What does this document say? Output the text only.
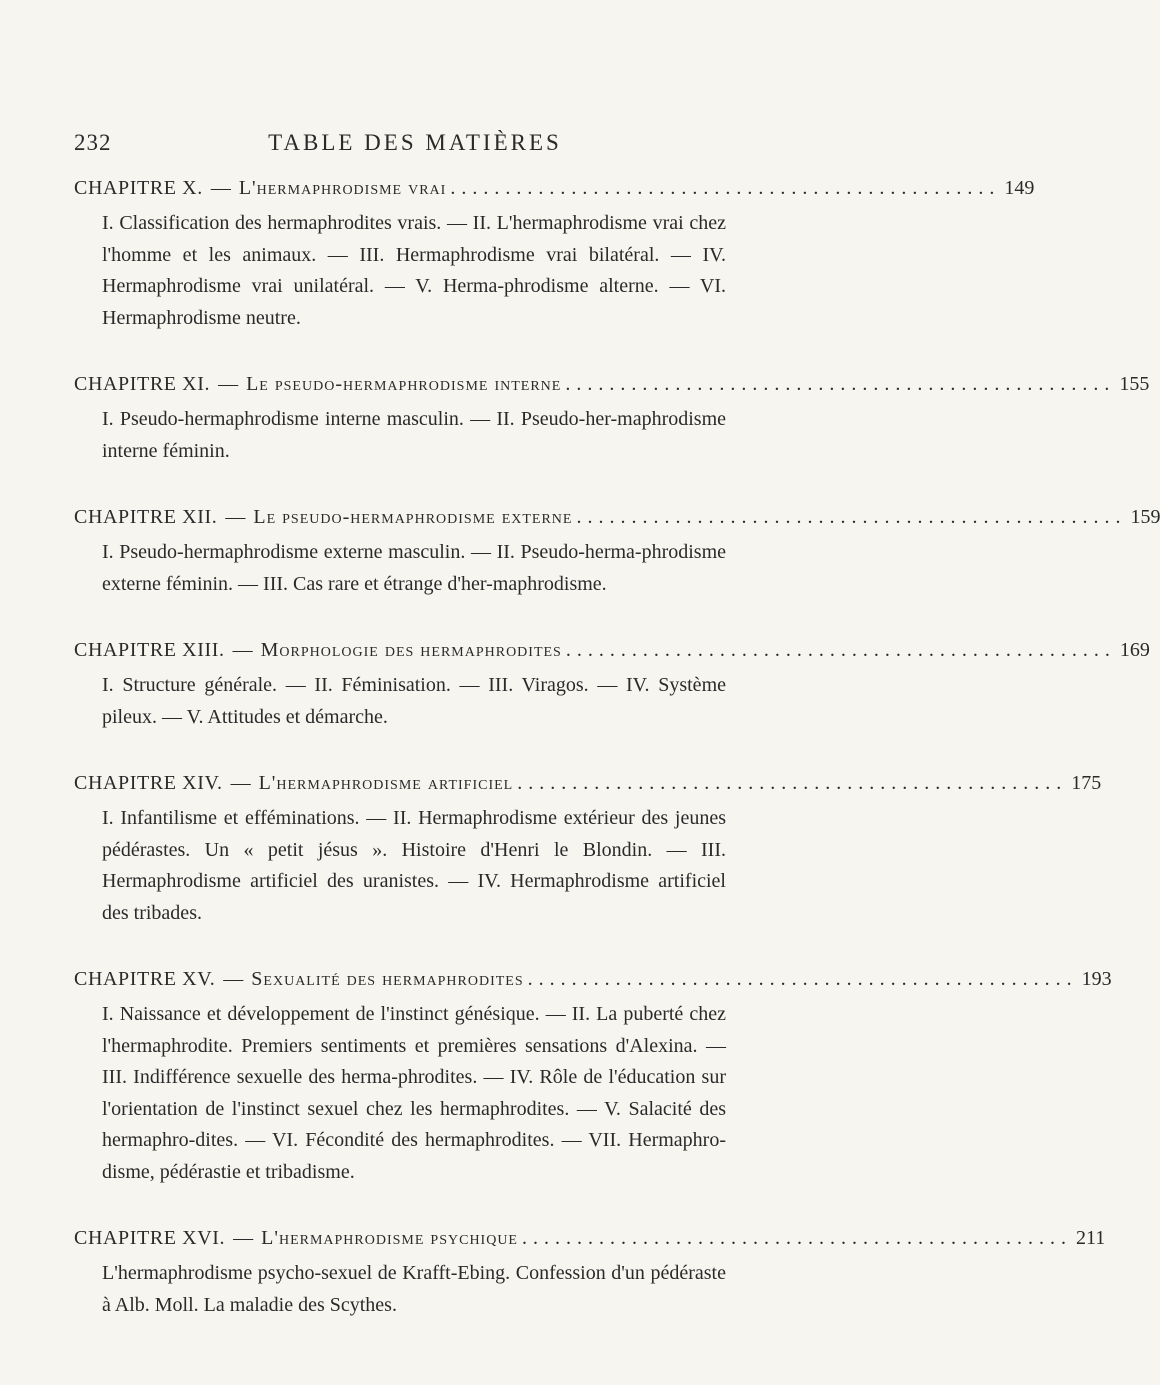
232	TABLE DES MATIÈRES
CHAPITRE X. — L'hermaphrodisme vrai .................................................. 149

I. Classification des hermaphrodites vrais. — II. L'hermaphrodisme vrai chez l'homme et les animaux. — III. Hermaphrodisme vrai bilatéral. — IV. Hermaphrodisme vrai unilatéral. — V. Herma-phrodisme alterne. — VI. Hermaphrodisme neutre.

CHAPITRE XI. — Le pseudo-hermaphrodisme interne .................................................. 155

I. Pseudo-hermaphrodisme interne masculin. — II. Pseudo-her-maphrodisme interne féminin.

CHAPITRE XII. — Le pseudo-hermaphrodisme externe .................................................. 159

I. Pseudo-hermaphrodisme externe masculin. — II. Pseudo-herma-phrodisme externe féminin. — III. Cas rare et étrange d'her-maphrodisme.

CHAPITRE XIII. — Morphologie des hermaphrodites .................................................. 169

I. Structure générale. — II. Féminisation. — III. Viragos. — IV. Système pileux. — V. Attitudes et démarche.

CHAPITRE XIV. — L'hermaphrodisme artificiel .................................................. 175

I. Infantilisme et efféminations. — II. Hermaphrodisme extérieur des jeunes pédérastes. Un « petit jésus ». Histoire d'Henri le Blondin. — III. Hermaphrodisme artificiel des uranistes. — IV. Hermaphrodisme artificiel des tribades.

CHAPITRE XV. — Sexualité des hermaphrodites .................................................. 193

I. Naissance et développement de l'instinct génésique. — II. La puberté chez l'hermaphrodite. Premiers sentiments et premières sensations d'Alexina. — III. Indifférence sexuelle des herma-phrodites. — IV. Rôle de l'éducation sur l'orientation de l'instinct sexuel chez les hermaphrodites. — V. Salacité des hermaphro-dites. — VI. Fécondité des hermaphrodites. — VII. Hermaphro-disme, pédérastie et tribadisme.

CHAPITRE XVI. — L'hermaphrodisme psychique .................................................. 211

L'hermaphrodisme psycho-sexuel de Krafft-Ebing. Confession d'un pédéraste à Alb. Moll. La maladie des Scythes.
